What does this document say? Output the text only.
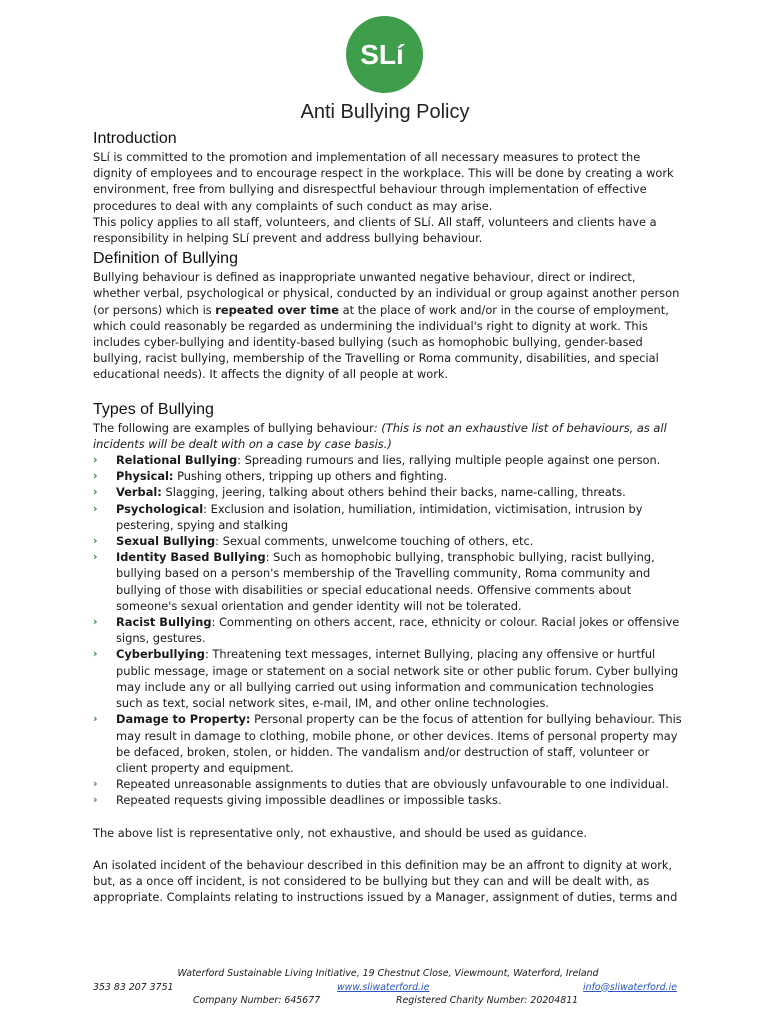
SLí
Anti Bullying Policy
Introduction

SLí is committed to the promotion and implementation of all necessary measures to protect the dignity of employees and to encourage respect in the workplace. This will be done by creating a work environment, free from bullying and disrespectful behaviour through implementation of effective procedures to deal with any complaints of such conduct as may arise.

This policy applies to all staff, volunteers, and clients of SLí. All staff, volunteers and clients have a responsibility in helping SLí prevent and address bullying behaviour.

Definition of Bullying

Bullying behaviour is defined as inappropriate unwanted negative behaviour, direct or indirect, whether verbal, psychological or physical, conducted by an individual or group against another person (or persons) which is repeated over time at the place of work and/or in the course of employment, which could reasonably be regarded as undermining the individual's right to dignity at work. This includes cyber-bullying and identity-based bullying (such as homophobic bullying, gender-based bullying, racist bullying, membership of the Travelling or Roma community, disabilities, and special educational needs). It affects the dignity of all people at work.

Types of Bullying

The following are examples of bullying behaviour: (This is not an exhaustive list of behaviours, as all incidents will be dealt with on a case by case basis.)

› Relational Bullying: Spreading rumours and lies, rallying multiple people against one person.
› Physical: Pushing others, tripping up others and fighting.
› Verbal: Slagging, jeering, talking about others behind their backs, name-calling, threats.
› Psychological: Exclusion and isolation, humiliation, intimidation, victimisation, intrusion by pestering, spying and stalking
› Sexual Bullying: Sexual comments, unwelcome touching of others, etc.
› Identity Based Bullying: Such as homophobic bullying, transphobic bullying, racist bullying, bullying based on a person's membership of the Travelling community, Roma community and bullying of those with disabilities or special educational needs. Offensive comments about someone's sexual orientation and gender identity will not be tolerated.
› Racist Bullying: Commenting on others accent, race, ethnicity or colour. Racial jokes or offensive signs, gestures.
› Cyberbullying: Threatening text messages, internet Bullying, placing any offensive or hurtful public message, image or statement on a social network site or other public forum. Cyber bullying may include any or all bullying carried out using information and communication technologies such as text, social network sites, e-mail, IM, and other online technologies.
› Damage to Property: Personal property can be the focus of attention for bullying behaviour. This may result in damage to clothing, mobile phone, or other devices. Items of personal property may be defaced, broken, stolen, or hidden. The vandalism and/or destruction of staff, volunteer or client property and equipment.
› Repeated unreasonable assignments to duties that are obviously unfavourable to one individual.
› Repeated requests giving impossible deadlines or impossible tasks.

The above list is representative only, not exhaustive, and should be used as guidance.

An isolated incident of the behaviour described in this definition may be an affront to dignity at work, but, as a once off incident, is not considered to be bullying but they can and will be dealt with, as appropriate. Complaints relating to instructions issued by a Manager, assignment of duties, terms and

Waterford Sustainable Living Initiative, 19 Chestnut Close, Viewmount, Waterford, Ireland
353 83 207 3751	www.sliwaterford.ie	info@sliwaterford.ie
Company Number: 645677	Registered Charity Number: 20204811
